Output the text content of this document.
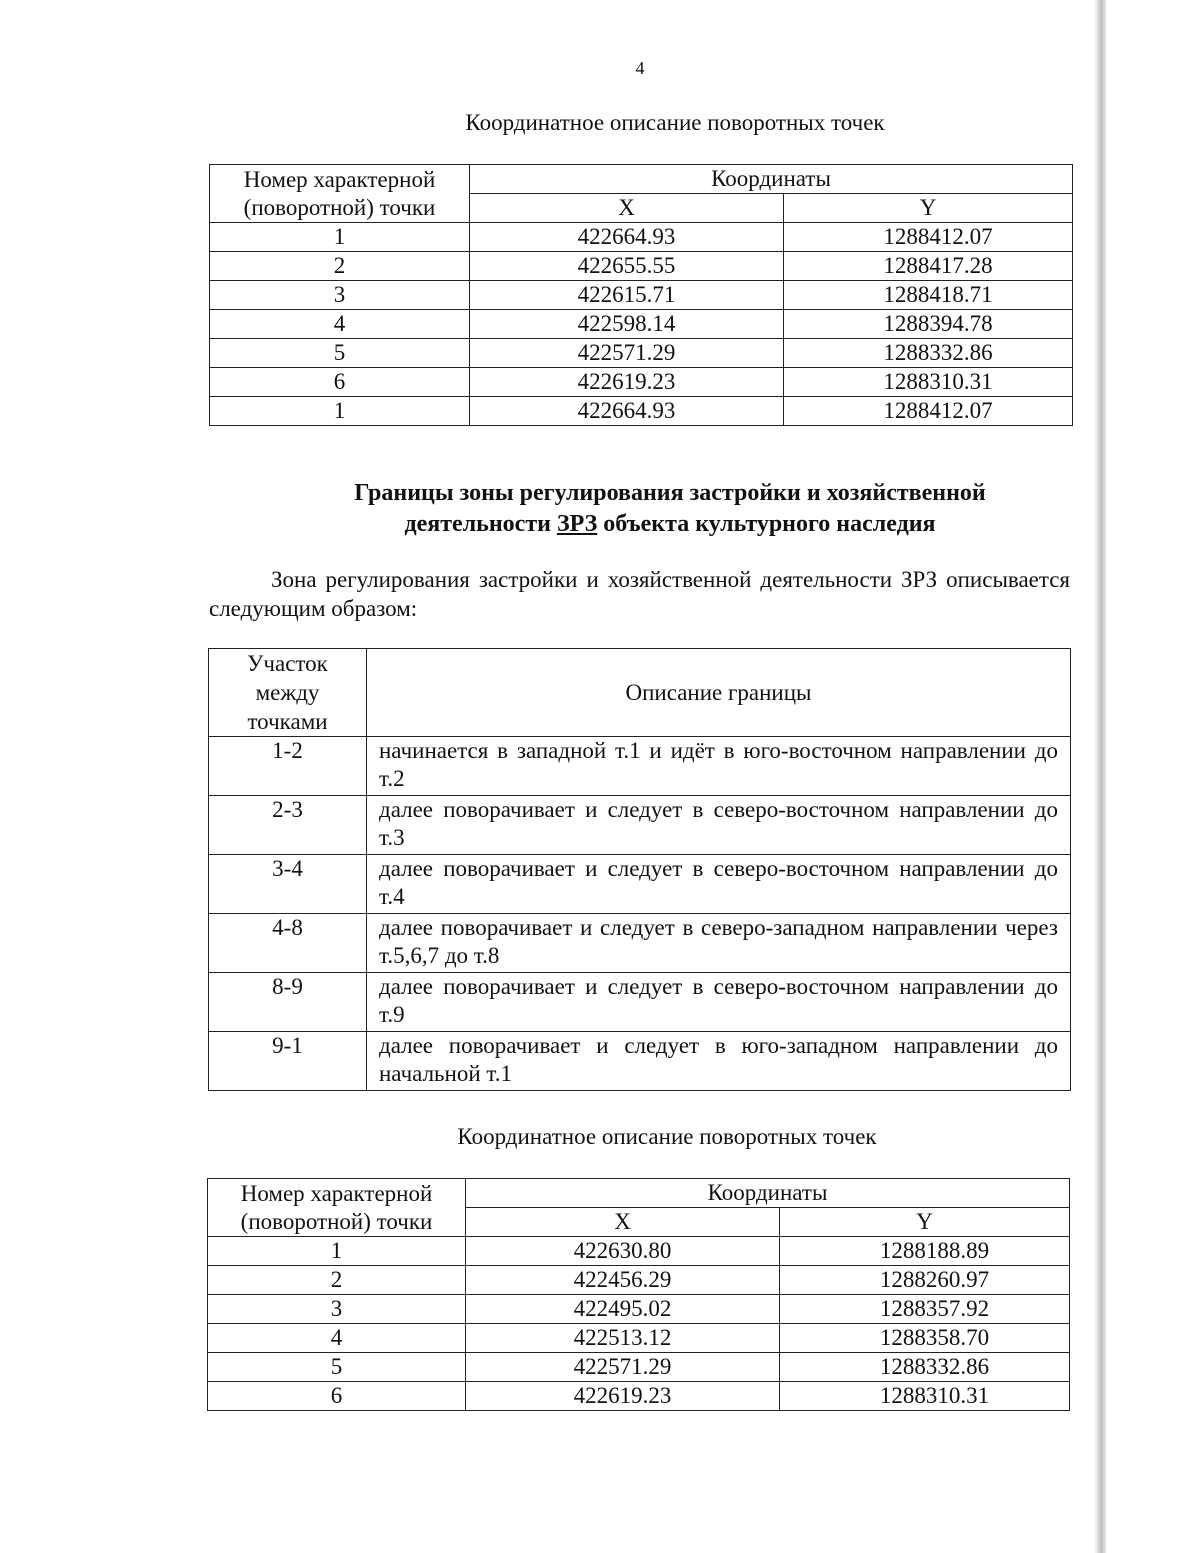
4
Координатное описание поворотных точек
Номер характерной (поворотной) точки	Координаты	
	X	Y
1	422664.93	1288412.07
2	422655.55	1288417.28
3	422615.71	1288418.71
4	422598.14	1288394.78
5	422571.29	1288332.86
6	422619.23	1288310.31
1	422664.93	1288412.07
Границы зоны регулирования застройки и хозяйственной деятельности ЗРЗ объекта культурного наследия
Зона регулирования застройки и хозяйственной деятельности ЗРЗ описывается следующим образом:
Участок между точками	Описание границы
1-2	начинается в западной т.1 и идёт в юго-восточном направлении до т.2
2-3	далее поворачивает и следует в северо-восточном направлении до т.3
3-4	далее поворачивает и следует в северо-восточном направлении до т.4
4-8	далее поворачивает и следует в северо-западном направлении через т.5,6,7 до т.8
8-9	далее поворачивает и следует в северо-восточном направлении до т.9
9-1	далее поворачивает и следует в юго-западном направлении до начальной т.1
Координатное описание поворотных точек
Номер характерной (поворотной) точки	Координаты	
	X	Y
1	422630.80	1288188.89
2	422456.29	1288260.97
3	422495.02	1288357.92
4	422513.12	1288358.70
5	422571.29	1288332.86
6	422619.23	1288310.31
